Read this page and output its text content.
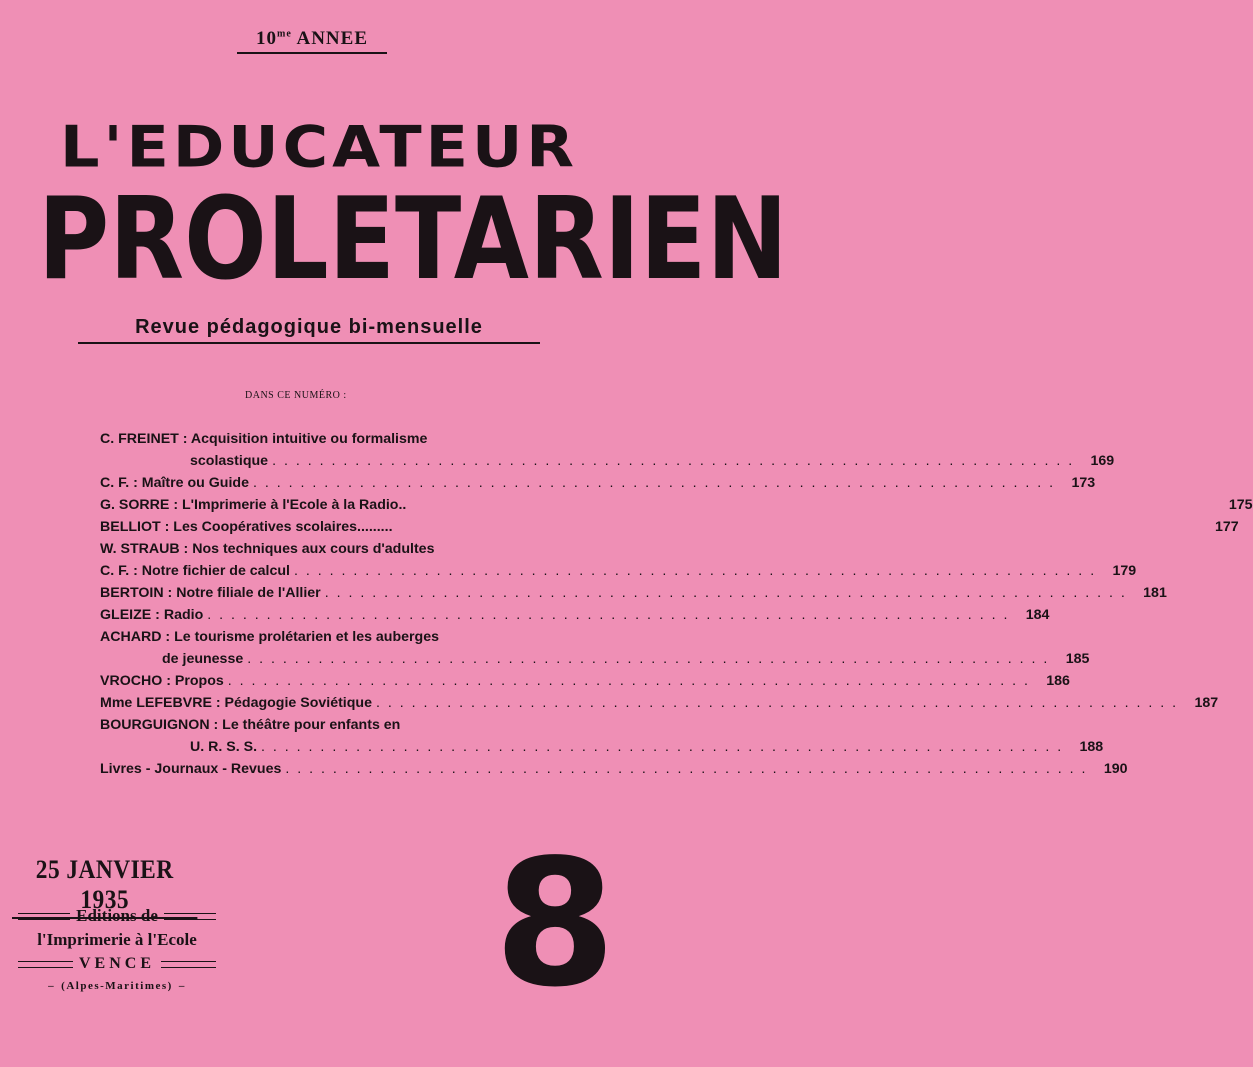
$10^{me}$ ANNEE
L'EDUCATEUR
PROLETARIEN
Revue pédagogique bi-mensuelle
DANS CE NUMÉRO :
C. FREINET : Acquisition intuitive ou formalisme
scolastique . . .	169
C. F. : Maître ou Guide . . .	173
G. SORRE : L'Imprimerie à l'Ecole à la Radio..	175
BELLIOT : Les Coopératives scolaires.........	177
W. STRAUB : Nos techniques aux cours d'adultes
C. F. : Notre fichier de calcul . . .	179
BERTOIN : Notre filiale de l'Allier . . .	181
GLEIZE : Radio . . .	184
ACHARD : Le tourisme prolétarien et les auberges
de jeunesse . . .	185
VROCHO : Propos . . .	186
Mme LEFEBVRE : Pédagogie Soviétique . . .	187
BOURGUIGNON : Le théâtre pour enfants en
U. R. S. S. . . .	188
Livres - Journaux - Revues . . .	190
25 JANVIER 1935
Editions de
l'Imprimerie à l'Ecole
VENCE
– (Alpes-Maritimes) – 8
